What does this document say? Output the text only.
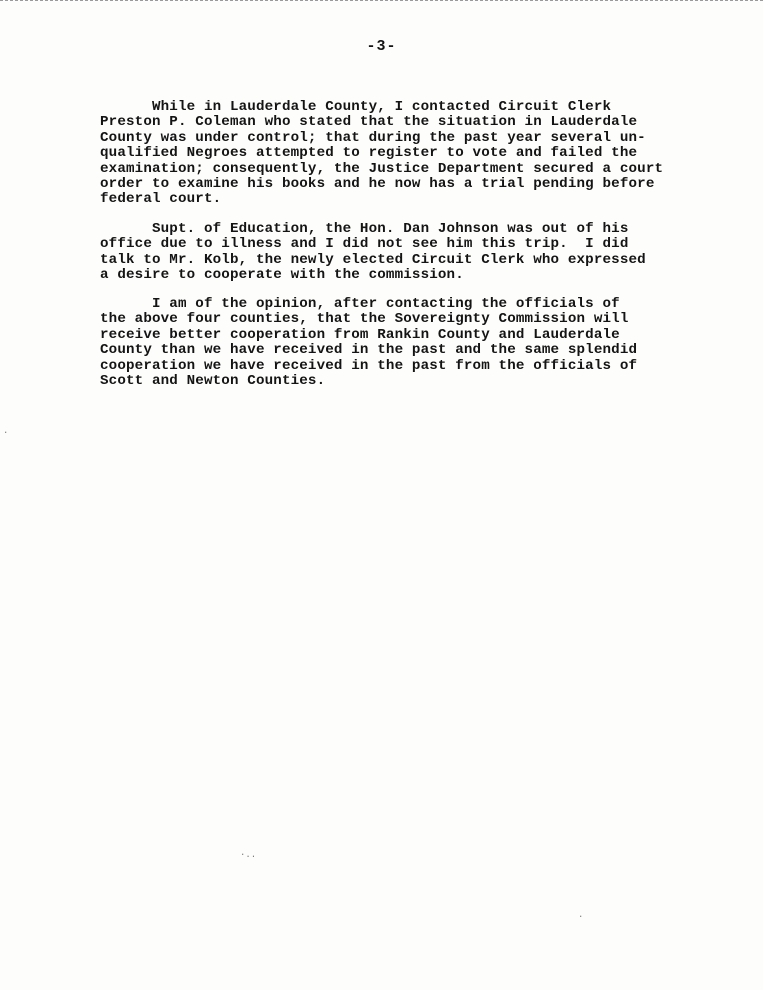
-3-
While in Lauderdale County, I contacted Circuit Clerk
Preston P. Coleman who stated that the situation in Lauderdale
County was under control; that during the past year several un-
qualified Negroes attempted to register to vote and failed the
examination; consequently, the Justice Department secured a court
order to examine his books and he now has a trial pending before
federal court.
Supt. of Education, the Hon. Dan Johnson was out of his
office due to illness and I did not see him this trip.  I did
talk to Mr. Kolb, the newly elected Circuit Clerk who expressed
a desire to cooperate with the commission.
I am of the opinion, after contacting the officials of
the above four counties, that the Sovereignty Commission will
receive better cooperation from Rankin County and Lauderdale
County than we have received in the past and the same splendid
cooperation we have received in the past from the officials of
Scott and Newton Counties.
·..
·
·
